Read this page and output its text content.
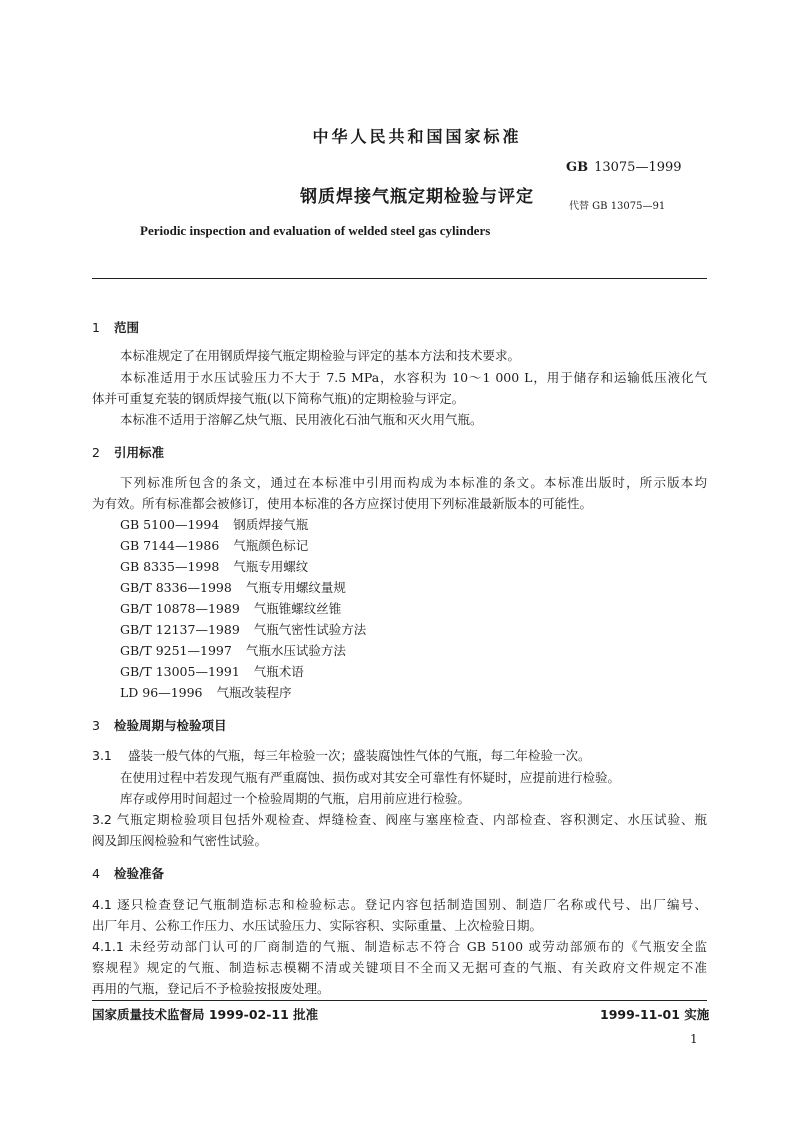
中华人民共和国国家标准
GB 13075—1999
钢质焊接气瓶定期检验与评定	代替 GB 13075—91
Periodic inspection and evaluation of welded steel gas cylinders
1 范围
本标准规定了在用钢质焊接气瓶定期检验与评定的基本方法和技术要求。
本标准适用于水压试验压力不大于 7.5 MPa，水容积为 10～1 000 L，用于储存和运输低压液化气
体并可重复充装的钢质焊接气瓶(以下简称气瓶)的定期检验与评定。
本标准不适用于溶解乙炔气瓶、民用液化石油气瓶和灭火用气瓶。
2 引用标准
下列标准所包含的条文，通过在本标准中引用而构成为本标准的条文。本标准出版时，所示版本均
为有效。所有标准都会被修订，使用本标准的各方应探讨使用下列标准最新版本的可能性。
GB 5100—1994 钢质焊接气瓶
GB 7144—1986 气瓶颜色标记
GB 8335—1998 气瓶专用螺纹
GB/T 8336—1998 气瓶专用螺纹量规
GB/T 10878—1989 气瓶锥螺纹丝锥
GB/T 12137—1989 气瓶气密性试验方法
GB/T 9251—1997 气瓶水压试验方法
GB/T 13005—1991 气瓶术语
LD 96—1996 气瓶改装程序
3 检验周期与检验项目
3.1 盛装一般气体的气瓶，每三年检验一次；盛装腐蚀性气体的气瓶，每二年检验一次。
在使用过程中若发现气瓶有严重腐蚀、损伤或对其安全可靠性有怀疑时，应提前进行检验。
库存或停用时间超过一个检验周期的气瓶，启用前应进行检验。
3.2 气瓶定期检验项目包括外观检查、焊缝检查、阀座与塞座检查、内部检查、容积测定、水压试验、瓶
阀及卸压阀检验和气密性试验。
4 检验准备
4.1 逐只检查登记气瓶制造标志和检验标志。登记内容包括制造国别、制造厂名称或代号、出厂编号、
出厂年月、公称工作压力、水压试验压力、实际容积、实际重量、上次检验日期。
4.1.1 未经劳动部门认可的厂商制造的气瓶、制造标志不符合 GB 5100 或劳动部颁布的《气瓶安全监
察规程》规定的气瓶、制造标志模糊不清或关键项目不全而又无据可查的气瓶、有关政府文件规定不准
再用的气瓶，登记后不予检验按报废处理。
国家质量技术监督局 1999-02-11 批准	1999-11-01 实施
1
